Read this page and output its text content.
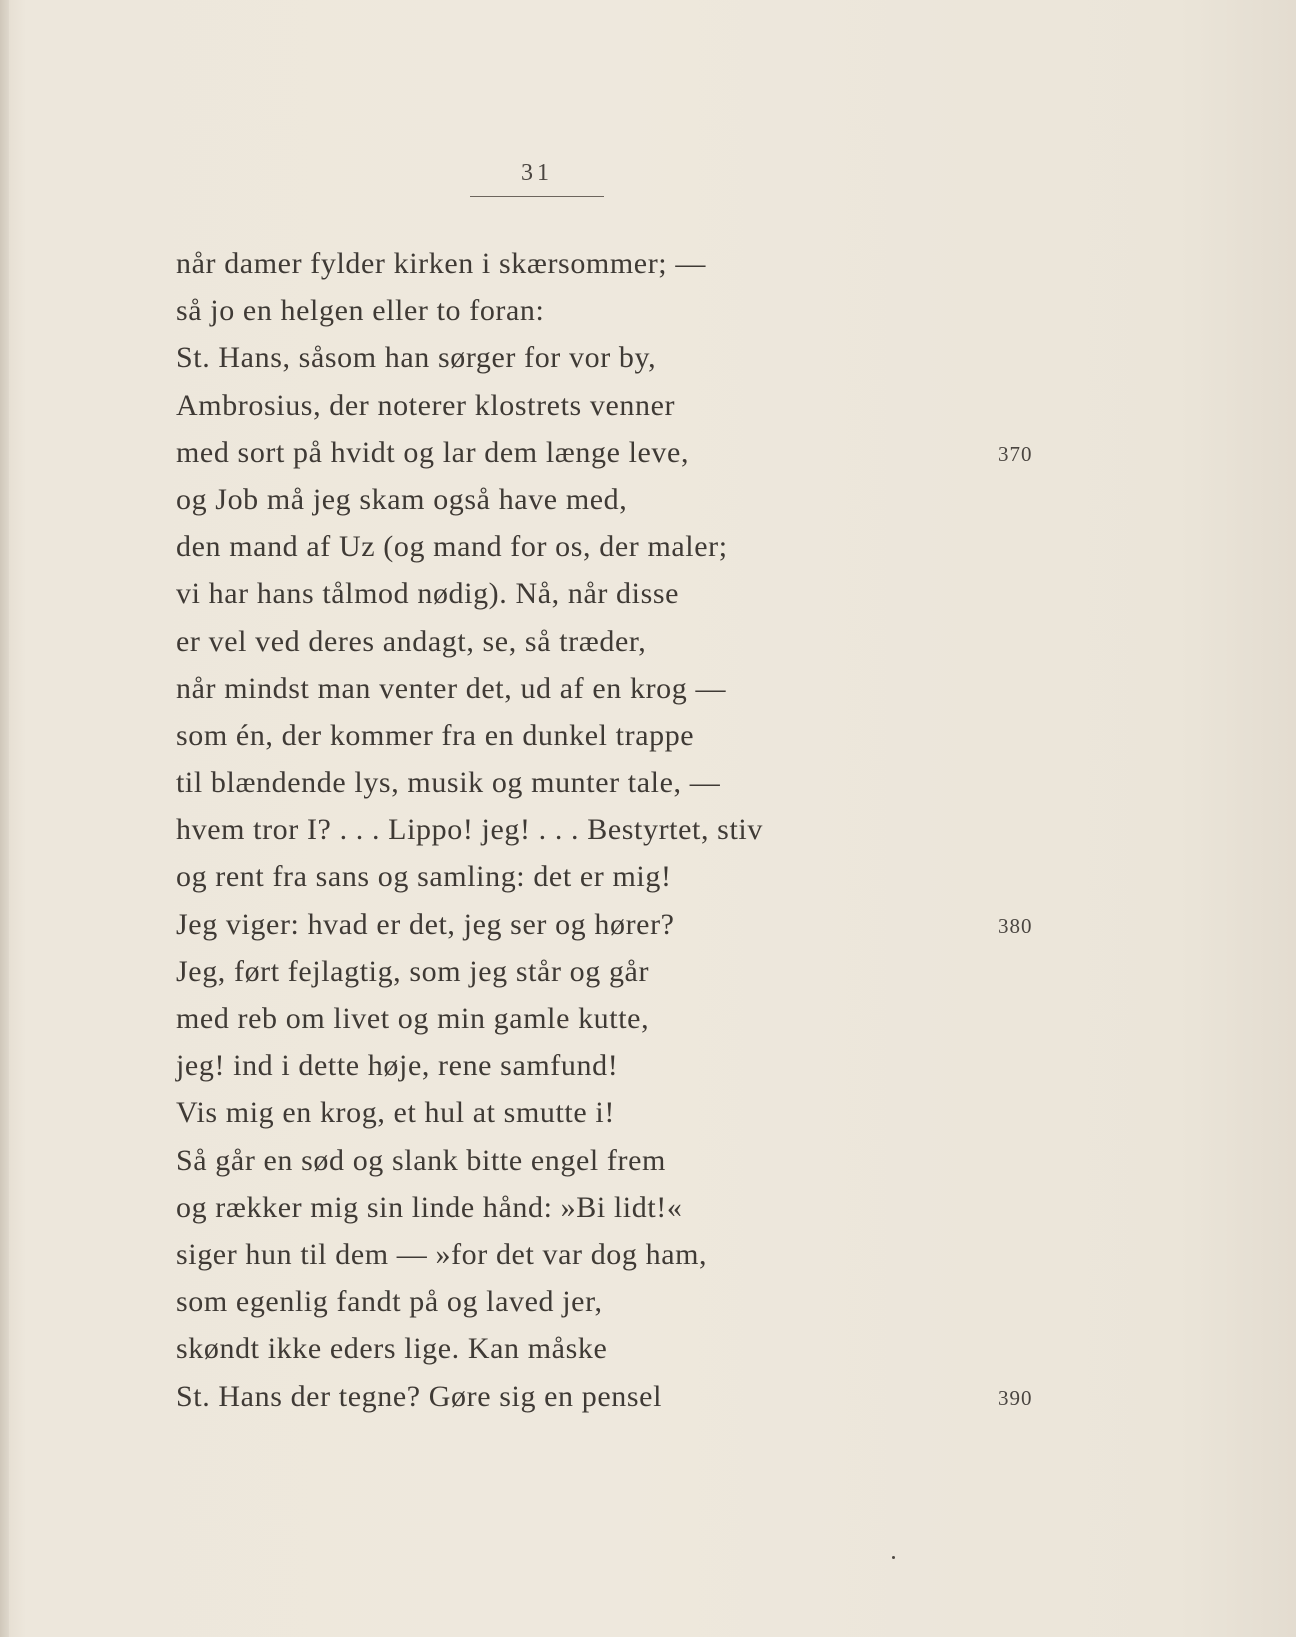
31
når damer fylder kirken i skærsommer; —
så jo en helgen eller to foran:
St. Hans, såsom han sørger for vor by,
Ambrosius, der noterer klostrets venner
med sort på hvidt og lar dem længe leve,	370
og Job må jeg skam også have med,
den mand af Uz (og mand for os, der maler;
vi har hans tålmod nødig). Nå, når disse
er vel ved deres andagt, se, så træder,
når mindst man venter det, ud af en krog —
som én, der kommer fra en dunkel trappe
til blændende lys, musik og munter tale, —
hvem tror I? . . . Lippo! jeg! . . . Bestyrtet, stiv
og rent fra sans og samling: det er mig!
Jeg viger: hvad er det, jeg ser og hører?	380
Jeg, ført fejlagtig, som jeg står og går
med reb om livet og min gamle kutte,
jeg! ind i dette høje, rene samfund!
Vis mig en krog, et hul at smutte i!
Så går en sød og slank bitte engel frem
og rækker mig sin linde hånd: »Bi lidt!«
siger hun til dem — »for det var dog ham,
som egenlig fandt på og laved jer,
skøndt ikke eders lige. Kan måske
St. Hans der tegne? Gøre sig en pensel	390
